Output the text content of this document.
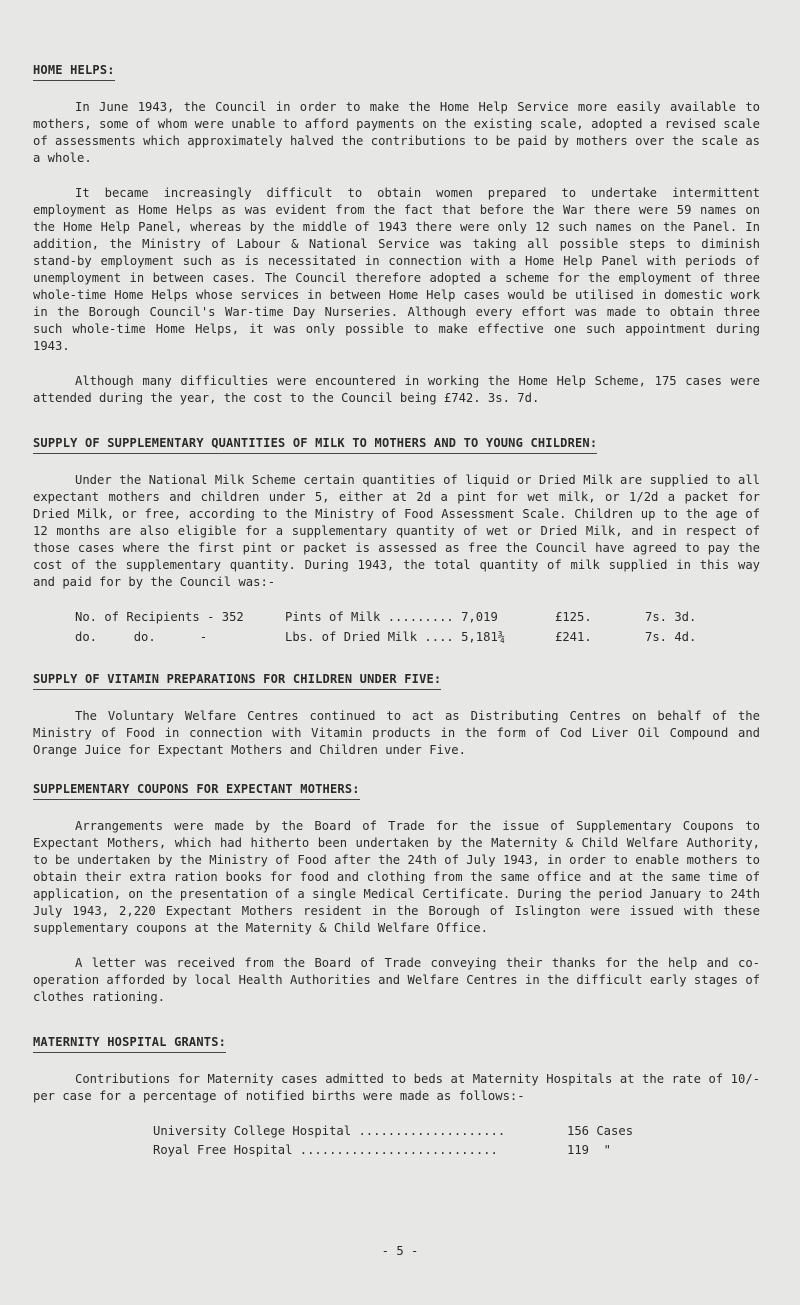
HOME HELPS:

In June 1943, the Council in order to make the Home Help Service more easily available to mothers, some of whom were unable to afford payments on the existing scale, adopted a revised scale of assessments which approximately halved the contributions to be paid by mothers over the scale as a whole.

It became increasingly difficult to obtain women prepared to undertake intermittent employment as Home Helps as was evident from the fact that before the War there were 59 names on the Home Help Panel, whereas by the middle of 1943 there were only 12 such names on the Panel. In addition, the Ministry of Labour & National Service was taking all possible steps to diminish stand-by employment such as is necessitated in connection with a Home Help Panel with periods of unemployment in between cases. The Council therefore adopted a scheme for the employment of three whole-time Home Helps whose services in between Home Help cases would be utilised in domestic work in the Borough Council's War-time Day Nurseries. Although every effort was made to obtain three such whole-time Home Helps, it was only possible to make effective one such appointment during 1943.

Although many difficulties were encountered in working the Home Help Scheme, 175 cases were attended during the year, the cost to the Council being £742. 3s. 7d.

SUPPLY OF SUPPLEMENTARY QUANTITIES OF MILK TO MOTHERS AND TO YOUNG CHILDREN:

Under the National Milk Scheme certain quantities of liquid or Dried Milk are supplied to all expectant mothers and children under 5, either at 2d a pint for wet milk, or 1/2d a packet for Dried Milk, or free, according to the Ministry of Food Assessment Scale. Children up to the age of 12 months are also eligible for a supplementary quantity of wet or Dried Milk, and in respect of those cases where the first pint or packet is assessed as free the Council have agreed to pay the cost of the supplementary quantity. During 1943, the total quantity of milk supplied in this way and paid for by the Council was:-

No. of Recipients - 352	Pints of Milk ......... 7,019	£125.	7s. 3d.
do.     do.      -	Lbs. of Dried Milk .... 5,181¾	£241.	7s. 4d.
SUPPLY OF VITAMIN PREPARATIONS FOR CHILDREN UNDER FIVE:

The Voluntary Welfare Centres continued to act as Distributing Centres on behalf of the Ministry of Food in connection with Vitamin products in the form of Cod Liver Oil Compound and Orange Juice for Expectant Mothers and Children under Five.

SUPPLEMENTARY COUPONS FOR EXPECTANT MOTHERS:

Arrangements were made by the Board of Trade for the issue of Supplementary Coupons to Expectant Mothers, which had hitherto been undertaken by the Maternity & Child Welfare Authority, to be undertaken by the Ministry of Food after the 24th of July 1943, in order to enable mothers to obtain their extra ration books for food and clothing from the same office and at the same time of application, on the presentation of a single Medical Certificate. During the period January to 24th July 1943, 2,220 Expectant Mothers resident in the Borough of Islington were issued with these supplementary coupons at the Maternity & Child Welfare Office.

A letter was received from the Board of Trade conveying their thanks for the help and co-operation afforded by local Health Authorities and Welfare Centres in the difficult early stages of clothes rationing.

MATERNITY HOSPITAL GRANTS:

Contributions for Maternity cases admitted to beds at Maternity Hospitals at the rate of 10/- per case for a percentage of notified births were made as follows:-

University College Hospital ....................	156 Cases
Royal Free Hospital ...........................	119  "
- 5 -
